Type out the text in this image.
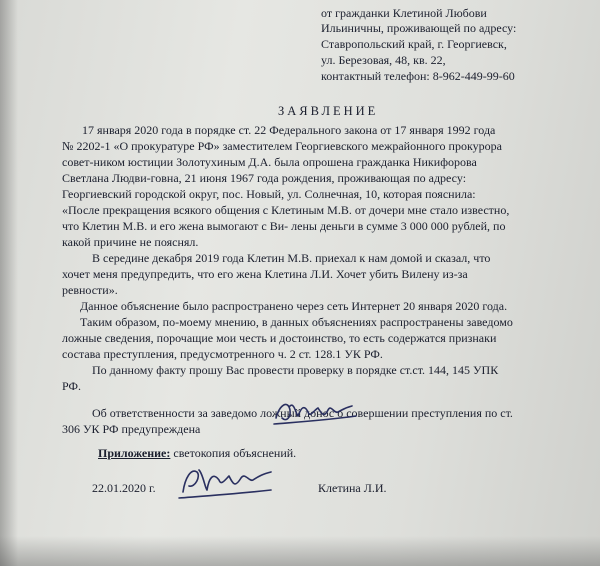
от гражданки Клетиной Любови
Ильиничны, проживающей по адресу:
Ставропольский край, г. Георгиевск,
ул. Березовая, 48, кв. 22,
контактный телефон: 8-962-449-99-60
ЗАЯВЛЕНИЕ
17 января 2020 года в порядке ст. 22 Федерального закона от 17 января 1992 года
№ 2202-1 «О прокуратуре РФ» заместителем Георгиевского межрайонного прокурора
совет-ником юстиции Золотухиным Д.А. была опрошена гражданка Никифорова
Светлана Людви-говна, 21 июня 1967 года рождения, проживающая по адресу:
Георгиевский городской округ, пос. Новый, ул. Солнечная, 10, которая пояснила:
«После прекращения всякого общения с Клетиным М.В. от дочери мне стало известно,
что Клетин М.В. и его жена вымогают с Ви- лены деньги в сумме 3 000 000 рублей, по
какой причине не пояснял.
В середине декабря 2019 года Клетин М.В. приехал к нам домой и сказал, что
хочет меня предупредить, что его жена Клетина Л.И. Хочет убить Вилену из-за
ревности».
Данное объяснение было распространено через сеть Интернет 20 января 2020 года.
Таким образом, по-моему мнению, в данных объяснениях распространены заведомо
ложные сведения, порочащие мои честь и достоинство, то есть содержатся признаки
состава преступления, предусмотренного ч. 2 ст. 128.1 УК РФ.
По данному факту прошу Вас провести проверку в порядке ст.ст. 144, 145 УПК
РФ.
Об ответственности за заведомо ложный донос о совершении преступления по ст.
306 УК РФ предупреждена
Приложение: светокопия объяснений.
22.01.2020 г.	Клетина Л.И.
